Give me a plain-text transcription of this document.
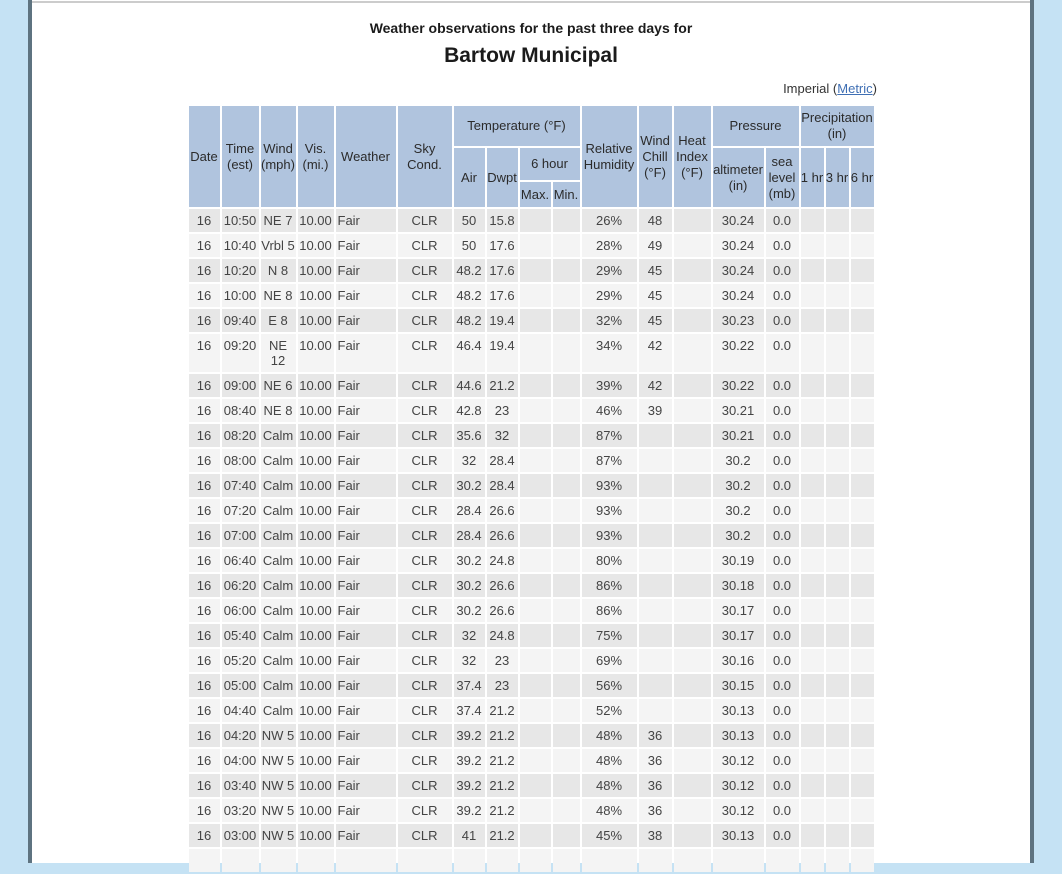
Weather observations for the past three days for
Bartow Municipal
Imperial (Metric)
Date	Time (est)	Wind (mph)	Vis. (mi.)	Weather	Sky Cond.	Temperature (°F)				Relative Humidity	Wind Chill (°F)	Heat Index (°F)	Pressure		Precipitation (in)		
						Air	Dwpt	6 hour					altimeter (in)	sea level (mb)	1 hr	3 hr	6 hr
								Max.	Min.								
16	10:50	NE 7	10.00	Fair	CLR	50	15.8			26%	48		30.24	0.0			
16	10:40	Vrbl 5	10.00	Fair	CLR	50	17.6			28%	49		30.24	0.0			
16	10:20	N 8	10.00	Fair	CLR	48.2	17.6			29%	45		30.24	0.0			
16	10:00	NE 8	10.00	Fair	CLR	48.2	17.6			29%	45		30.24	0.0			
16	09:40	E 8	10.00	Fair	CLR	48.2	19.4			32%	45		30.23	0.0			
16	09:20	NE 12	10.00	Fair	CLR	46.4	19.4			34%	42		30.22	0.0			
16	09:00	NE 6	10.00	Fair	CLR	44.6	21.2			39%	42		30.22	0.0			
16	08:40	NE 8	10.00	Fair	CLR	42.8	23			46%	39		30.21	0.0			
16	08:20	Calm	10.00	Fair	CLR	35.6	32			87%			30.21	0.0			
16	08:00	Calm	10.00	Fair	CLR	32	28.4			87%			30.2	0.0			
16	07:40	Calm	10.00	Fair	CLR	30.2	28.4			93%			30.2	0.0			
16	07:20	Calm	10.00	Fair	CLR	28.4	26.6			93%			30.2	0.0			
16	07:00	Calm	10.00	Fair	CLR	28.4	26.6			93%			30.2	0.0			
16	06:40	Calm	10.00	Fair	CLR	30.2	24.8			80%			30.19	0.0			
16	06:20	Calm	10.00	Fair	CLR	30.2	26.6			86%			30.18	0.0			
16	06:00	Calm	10.00	Fair	CLR	30.2	26.6			86%			30.17	0.0			
16	05:40	Calm	10.00	Fair	CLR	32	24.8			75%			30.17	0.0			
16	05:20	Calm	10.00	Fair	CLR	32	23			69%			30.16	0.0			
16	05:00	Calm	10.00	Fair	CLR	37.4	23			56%			30.15	0.0			
16	04:40	Calm	10.00	Fair	CLR	37.4	21.2			52%			30.13	0.0			
16	04:20	NW 5	10.00	Fair	CLR	39.2	21.2			48%	36		30.13	0.0			
16	04:00	NW 5	10.00	Fair	CLR	39.2	21.2			48%	36		30.12	0.0			
16	03:40	NW 5	10.00	Fair	CLR	39.2	21.2			48%	36		30.12	0.0			
16	03:20	NW 5	10.00	Fair	CLR	39.2	21.2			48%	36		30.12	0.0			
16	03:00	NW 5	10.00	Fair	CLR	41	21.2			45%	38		30.13	0.0			
